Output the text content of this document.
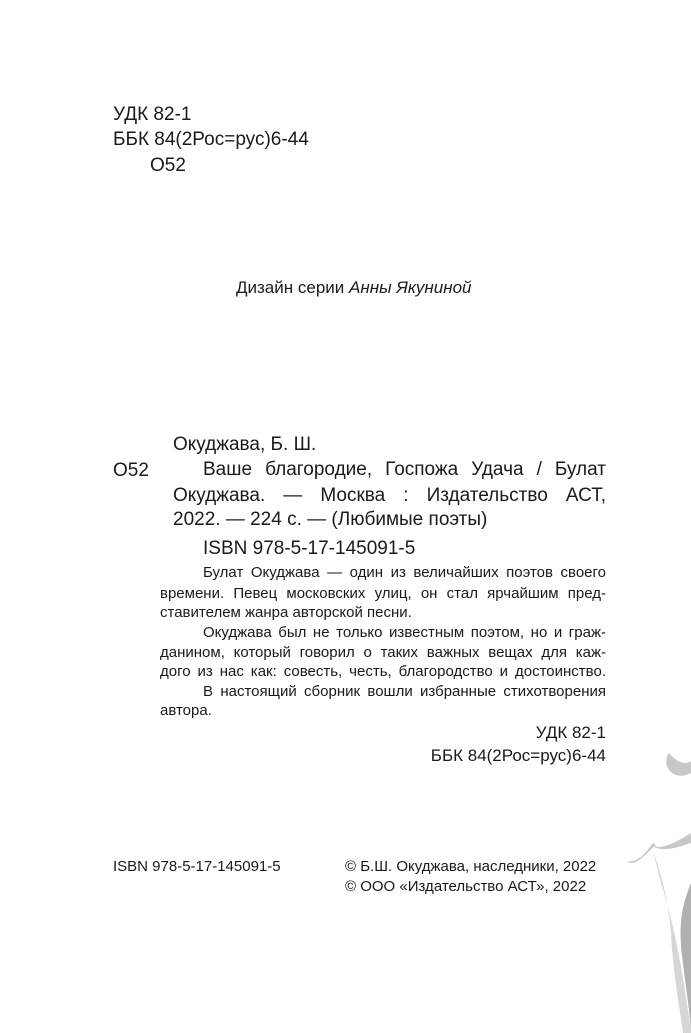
УДК 82-1
ББК 84(2Рос=рус)6-44
О52
Дизайн серии Анны Якуниной
Окуджава, Б. Ш.
О52	Ваше благородие, Госпожа Удача / Булат
Окуджава. — Москва : Издательство АСТ,
2022. — 224 с. — (Любимые поэты)
ISBN 978-5-17-145091-5
Булат Окуджава — один из величайших поэтов своего
времени. Певец московских улиц, он стал ярчайшим пред-
ставителем жанра авторской песни.
Окуджава был не только известным поэтом, но и граж-
данином, который говорил о таких важных вещах для каж-
дого из нас как: совесть, честь, благородство и достоинство.
В настоящий сборник вошли избранные стихотворения
автора.
УДК 82-1
ББК 84(2Рос=рус)6-44
ISBN 978-5-17-145091-5	© Б.Ш. Окуджава, наследники, 2022
© ООО «Издательство АСТ», 2022
